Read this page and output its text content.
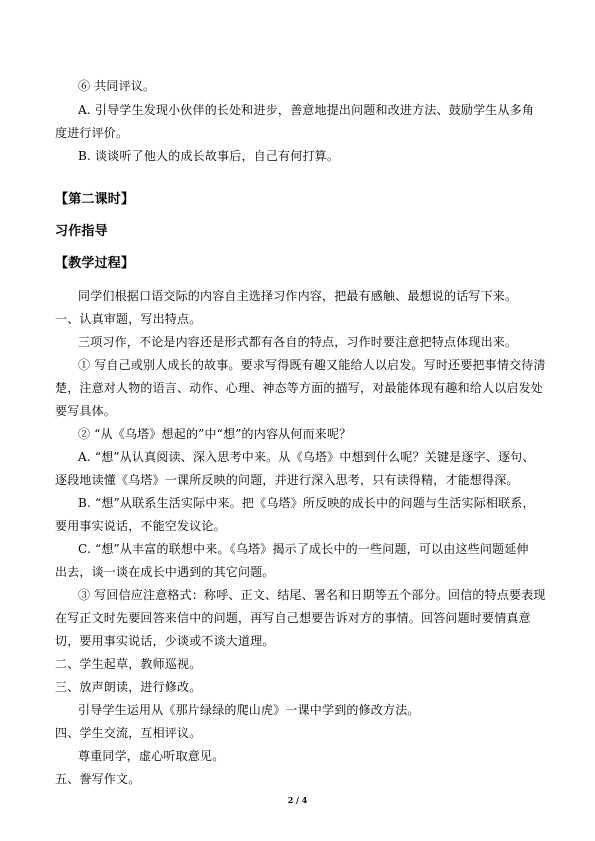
⑥ 共同评议。
A. 引导学生发现小伙伴的长处和进步，善意地提出问题和改进方法、鼓励学生从多角
度进行评价。
B. 谈谈听了他人的成长故事后，自己有何打算。
【第二课时】
习作指导
【教学过程】
同学们根据口语交际的内容自主选择习作内容，把最有感触、最想说的话写下来。
一、认真审题，写出特点。
三项习作，不论是内容还是形式都有各自的特点，习作时要注意把特点体现出来。
① 写自己或别人成长的故事。要求写得既有趣又能给人以启发。写时还要把事情交待清
楚，注意对人物的语言、动作、心理、神态等方面的描写，对最能体现有趣和给人以启发处
要写具体。
② “从《乌塔》想起的”中“想”的内容从何而来呢？
A. “想”从认真阅读、深入思考中来。从《乌塔》中想到什么呢？关键是逐字、逐句、
逐段地读懂《乌塔》一课所反映的问题，并进行深入思考，只有读得精，才能想得深。
B. “想”从联系生活实际中来。把《乌塔》所反映的成长中的问题与生活实际相联系，
要用事实说话，不能空发议论。
C. “想”从丰富的联想中来。《乌塔》揭示了成长中的一些问题，可以由这些问题延伸
出去，谈一谈在成长中遇到的其它问题。
③ 写回信应注意格式：称呼、正文、结尾、署名和日期等五个部分。回信的特点要表现
在写正文时先要回答来信中的问题，再写自己想要告诉对方的事情。回答问题时要情真意
切，要用事实说话，少谈或不谈大道理。
二、学生起草，教师巡视。
三、放声朗读，进行修改。
引导学生运用从《那片绿绿的爬山虎》一课中学到的修改方法。
四、学生交流，互相评议。
尊重同学，虚心听取意见。
五、誊写作文。
2 / 4
